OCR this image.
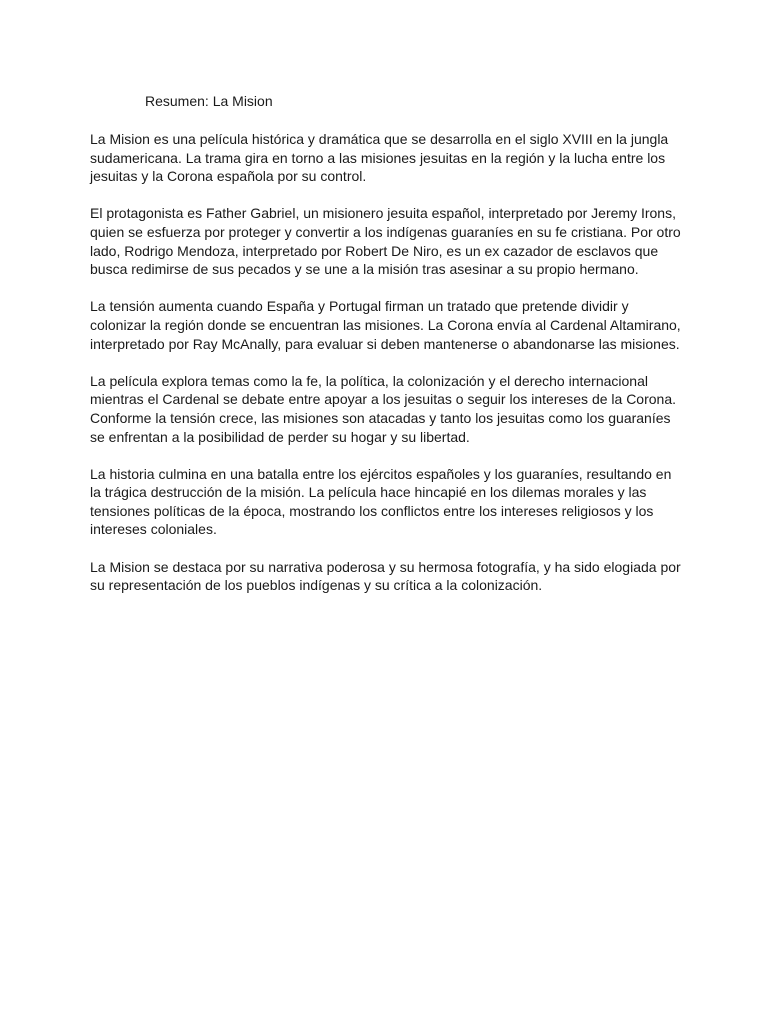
Resumen: La Mision

La Mision es una película histórica y dramática que se desarrolla en el siglo XVIII en la jungla
sudamericana. La trama gira en torno a las misiones jesuitas en la región y la lucha entre los
jesuitas y la Corona española por su control.

El protagonista es Father Gabriel, un misionero jesuita español, interpretado por Jeremy Irons,
quien se esfuerza por proteger y convertir a los indígenas guaraníes en su fe cristiana. Por otro
lado, Rodrigo Mendoza, interpretado por Robert De Niro, es un ex cazador de esclavos que
busca redimirse de sus pecados y se une a la misión tras asesinar a su propio hermano.

La tensión aumenta cuando España y Portugal firman un tratado que pretende dividir y
colonizar la región donde se encuentran las misiones. La Corona envía al Cardenal Altamirano,
interpretado por Ray McAnally, para evaluar si deben mantenerse o abandonarse las misiones.

La película explora temas como la fe, la política, la colonización y el derecho internacional
mientras el Cardenal se debate entre apoyar a los jesuitas o seguir los intereses de la Corona.
Conforme la tensión crece, las misiones son atacadas y tanto los jesuitas como los guaraníes
se enfrentan a la posibilidad de perder su hogar y su libertad.

La historia culmina en una batalla entre los ejércitos españoles y los guaraníes, resultando en
la trágica destrucción de la misión. La película hace hincapié en los dilemas morales y las
tensiones políticas de la época, mostrando los conflictos entre los intereses religiosos y los
intereses coloniales.

La Mision se destaca por su narrativa poderosa y su hermosa fotografía, y ha sido elogiada por
su representación de los pueblos indígenas y su crítica a la colonización.
